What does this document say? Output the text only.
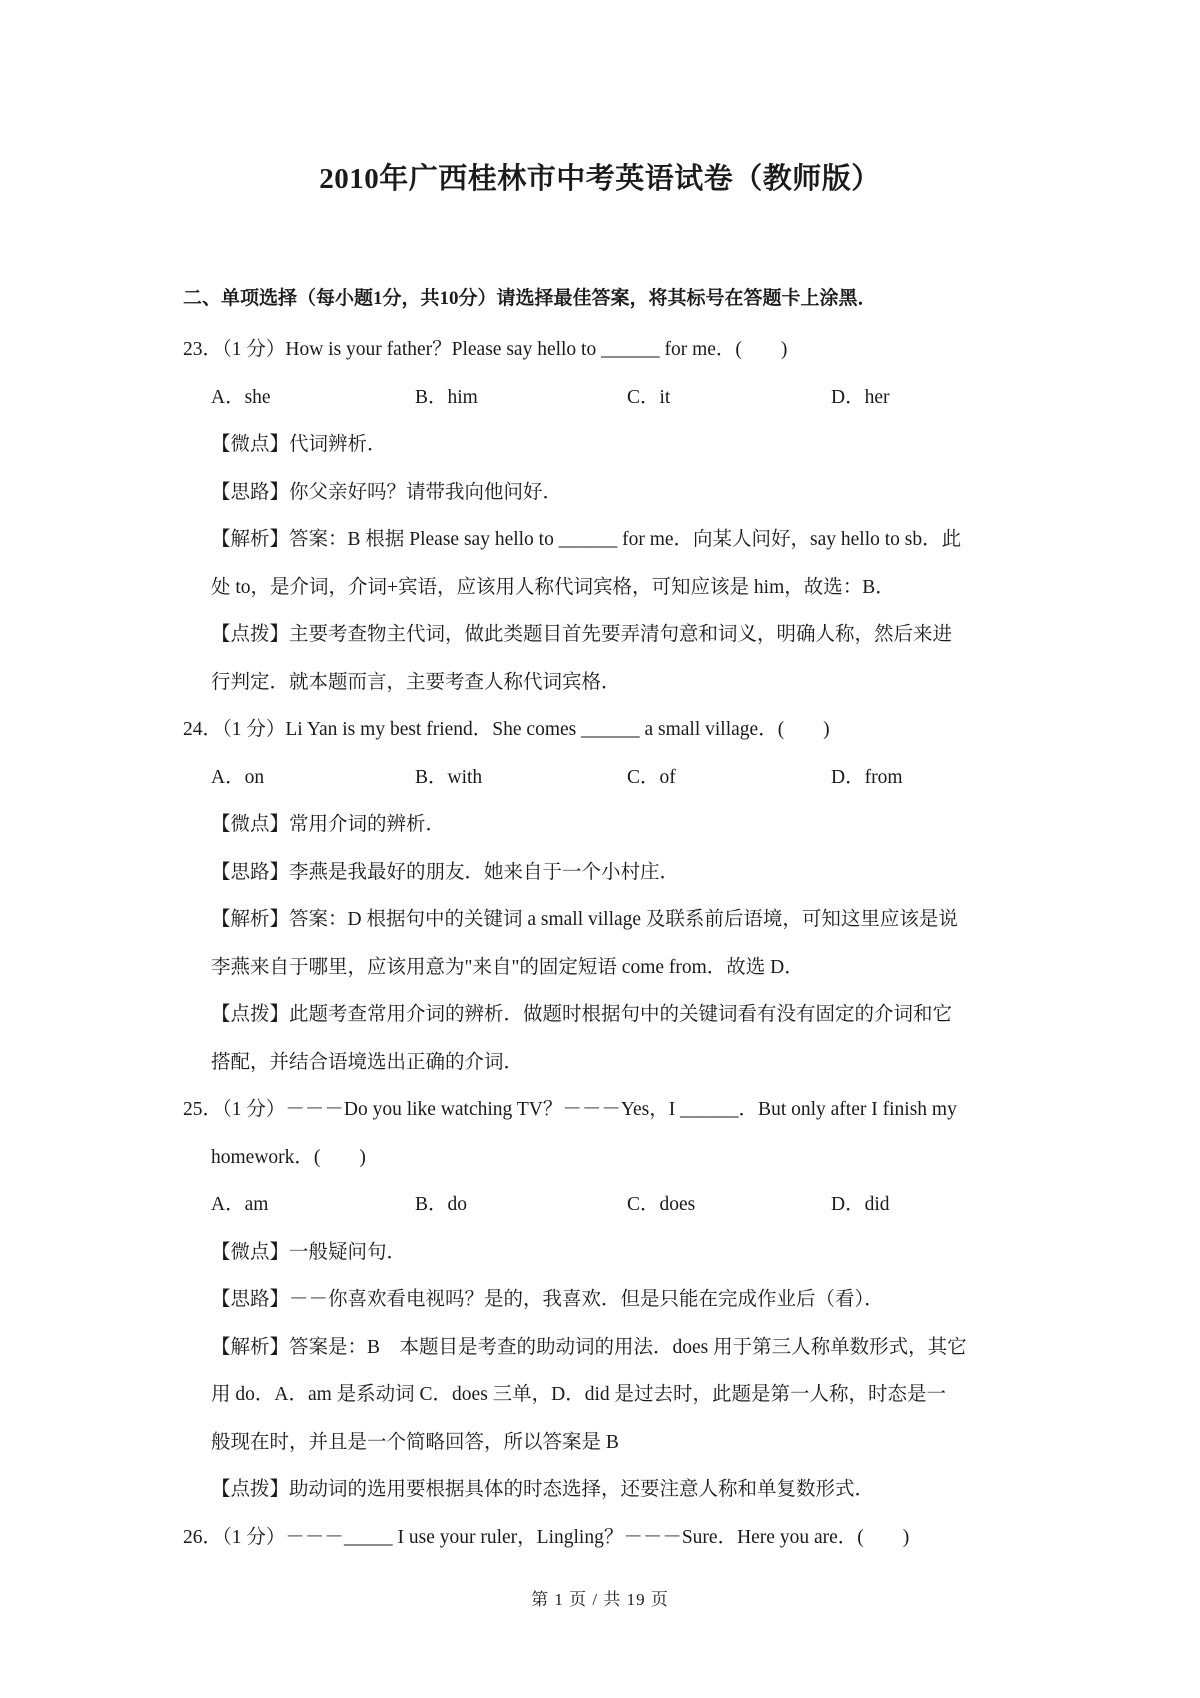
2010年广西桂林市中考英语试卷（教师版）
二、单项选择（每小题1分，共10分）请选择最佳答案，将其标号在答题卡上涂黑．
23．（1 分）How is your father？Please say hello to ______ for me．(　　)
A．she	B．him	C．it	D．her
【微点】代词辨析．
【思路】你父亲好吗？请带我向他问好．
【解析】答案：B 根据 Please say hello to ______ for me．向某人问好，say hello to sb．此
处 to，是介词，介词+宾语，应该用人称代词宾格，可知应该是 him，故选：B．
【点拨】主要考查物主代词，做此类题目首先要弄清句意和词义，明确人称，然后来进
行判定．就本题而言，主要考查人称代词宾格．
24．（1 分）Li Yan is my best friend．She comes ______ a small village．(　　)
A．on	B．with	C．of	D．from
【微点】常用介词的辨析．
【思路】李燕是我最好的朋友．她来自于一个小村庄．
【解析】答案：D 根据句中的关键词 a small village 及联系前后语境，可知这里应该是说
李燕来自于哪里，应该用意为"来自"的固定短语 come from．故选 D．
【点拨】此题考查常用介词的辨析．做题时根据句中的关键词看有没有固定的介词和它
搭配，并结合语境选出正确的介词．
25．（1 分）－－－Do you like watching TV？－－－Yes，I ______．But only after I finish my
homework．(　　)
A．am	B．do	C．does	D．did
【微点】一般疑问句．
【思路】－－你喜欢看电视吗？是的，我喜欢．但是只能在完成作业后（看）．
【解析】答案是：B　本题目是考查的助动词的用法．does 用于第三人称单数形式，其它
用 do．A．am 是系动词 C．does 三单，D．did 是过去时，此题是第一人称，时态是一
般现在时，并且是一个简略回答，所以答案是 B
【点拨】助动词的选用要根据具体的时态选择，还要注意人称和单复数形式．
26．（1 分）－－－_____ I use your ruler，Lingling？－－－Sure．Here you are．(　　)
第 1 页 / 共 19 页
